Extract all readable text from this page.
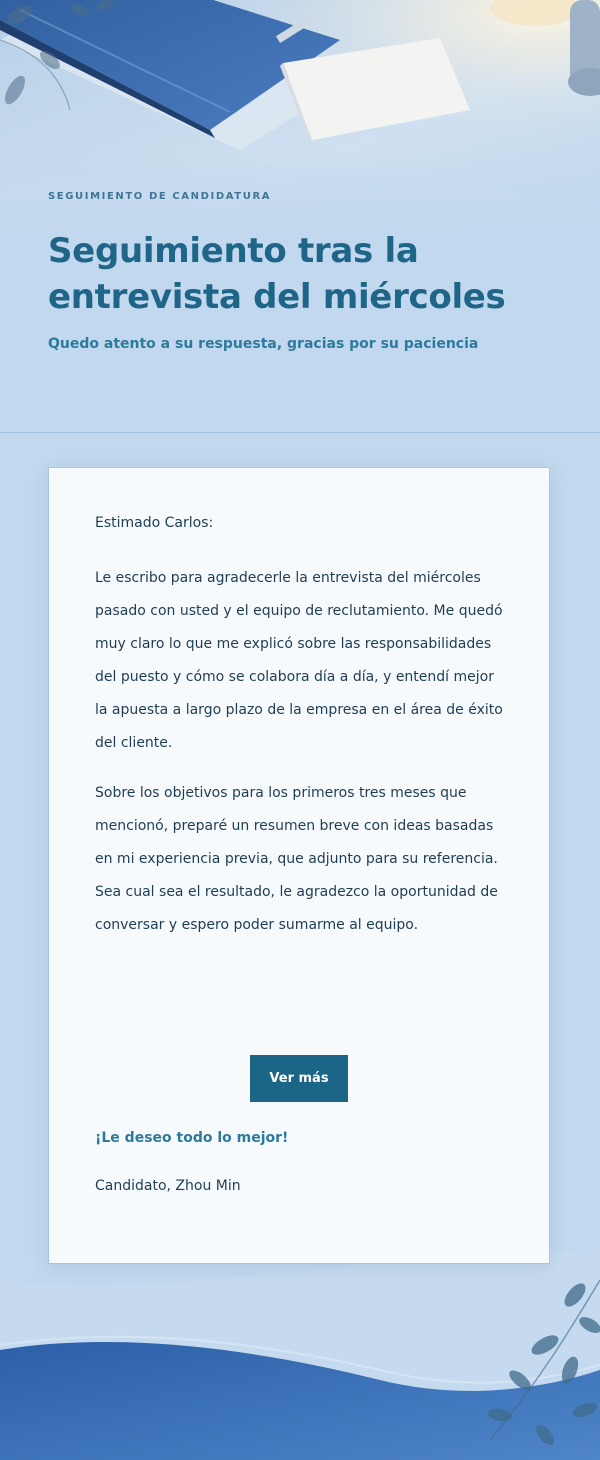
SEGUIMIENTO DE CANDIDATURA
Seguimiento tras la entrevista del miércoles

Quedo atento a su respuesta, gracias por su paciencia

Estimado Carlos:

Le escribo para agradecerle la entrevista del miércoles pasado con usted y el equipo de reclutamiento. Me quedó muy claro lo que me explicó sobre las responsabilidades del puesto y cómo se colabora día a día, y entendí mejor la apuesta a largo plazo de la empresa en el área de éxito del cliente.

Sobre los objetivos para los primeros tres meses que mencionó, preparé un resumen breve con ideas basadas en mi experiencia previa, que adjunto para su referencia. Sea cual sea el resultado, le agradezco la oportunidad de conversar y espero poder sumarme al equipo.

Ver más

¡Le deseo todo lo mejor!

Candidato, Zhou Min
